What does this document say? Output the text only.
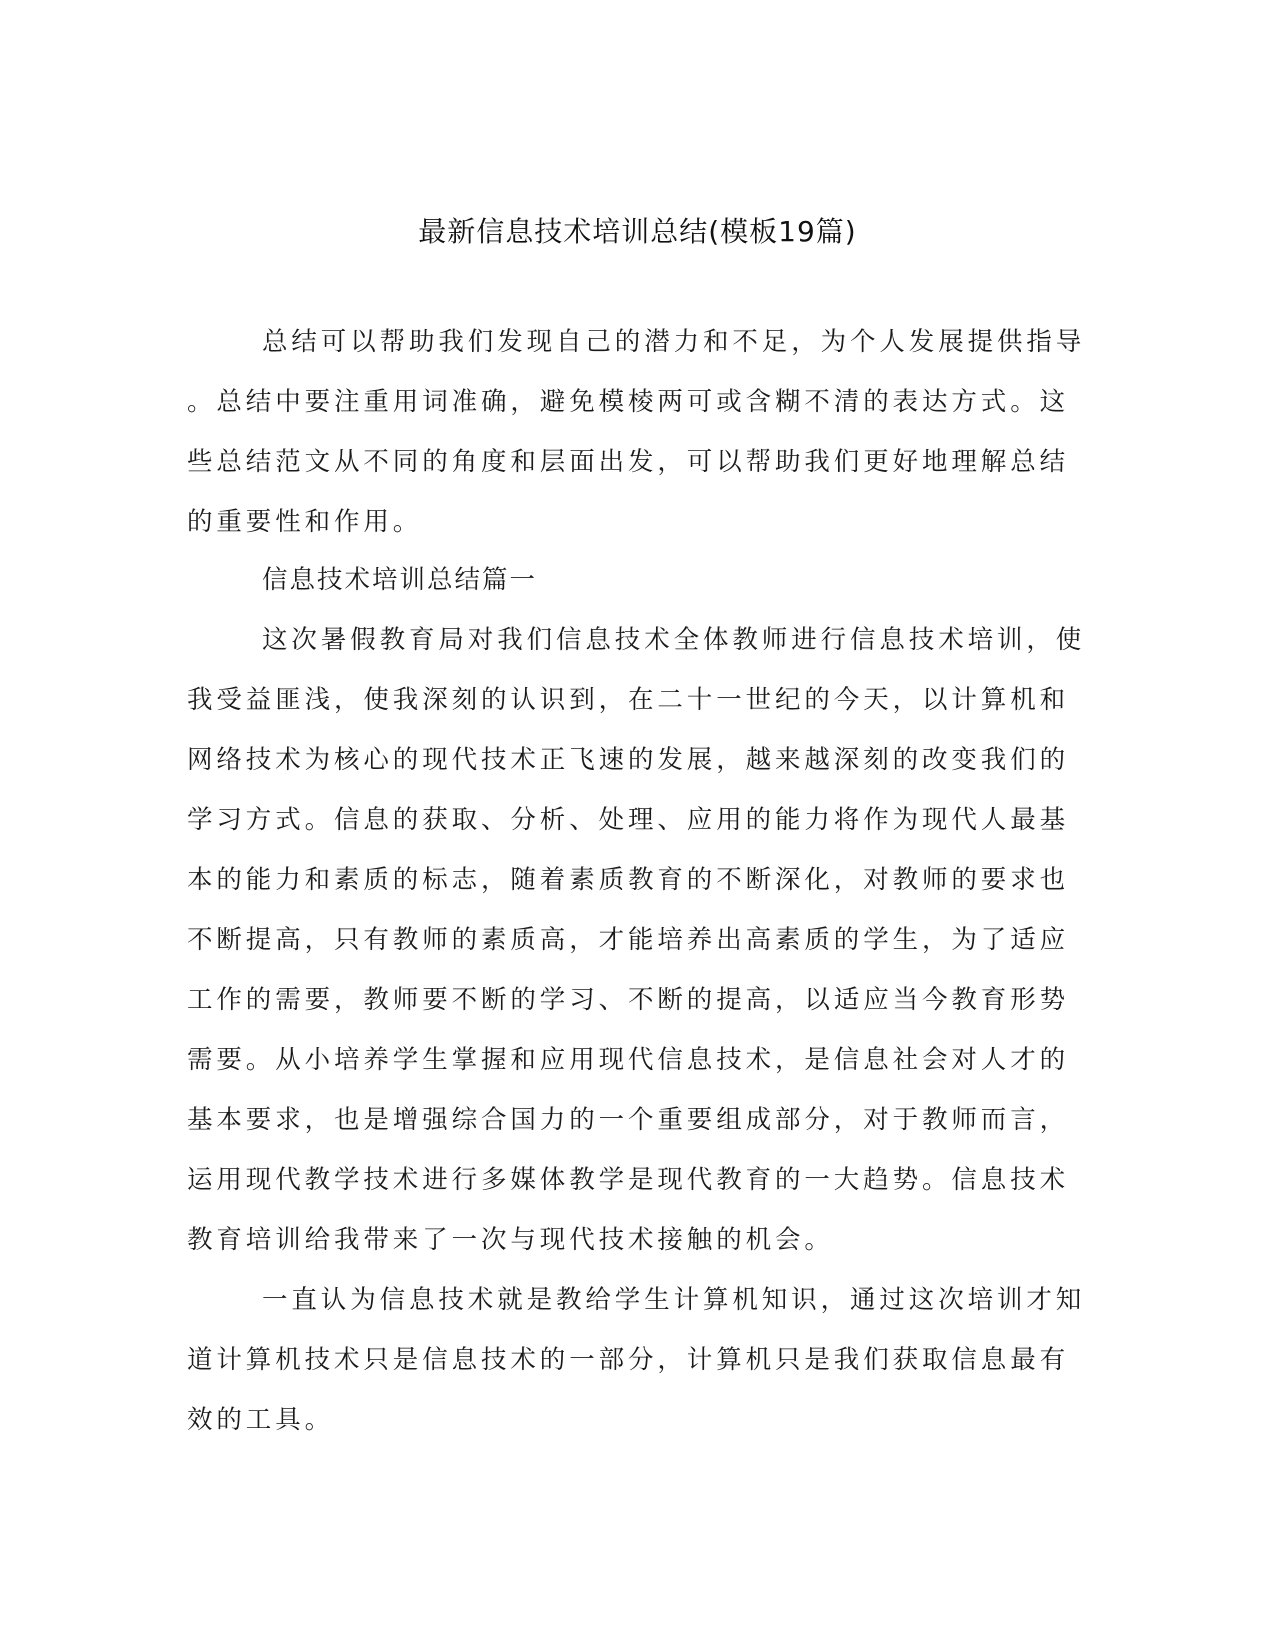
最新信息技术培训总结(模板19篇)
总结可以帮助我们发现自己的潜力和不足，为个人发展提供指导
。总结中要注重用词准确，避免模棱两可或含糊不清的表达方式。这
些总结范文从不同的角度和层面出发，可以帮助我们更好地理解总结
的重要性和作用。
信息技术培训总结篇一
这次暑假教育局对我们信息技术全体教师进行信息技术培训，使
我受益匪浅，使我深刻的认识到，在二十一世纪的今天，以计算机和
网络技术为核心的现代技术正飞速的发展，越来越深刻的改变我们的
学习方式。信息的获取、分析、处理、应用的能力将作为现代人最基
本的能力和素质的标志，随着素质教育的不断深化，对教师的要求也
不断提高，只有教师的素质高，才能培养出高素质的学生，为了适应
工作的需要，教师要不断的学习、不断的提高，以适应当今教育形势
需要。从小培养学生掌握和应用现代信息技术，是信息社会对人才的
基本要求，也是增强综合国力的一个重要组成部分，对于教师而言，
运用现代教学技术进行多媒体教学是现代教育的一大趋势。信息技术
教育培训给我带来了一次与现代技术接触的机会。
一直认为信息技术就是教给学生计算机知识，通过这次培训才知
道计算机技术只是信息技术的一部分，计算机只是我们获取信息最有
效的工具。
